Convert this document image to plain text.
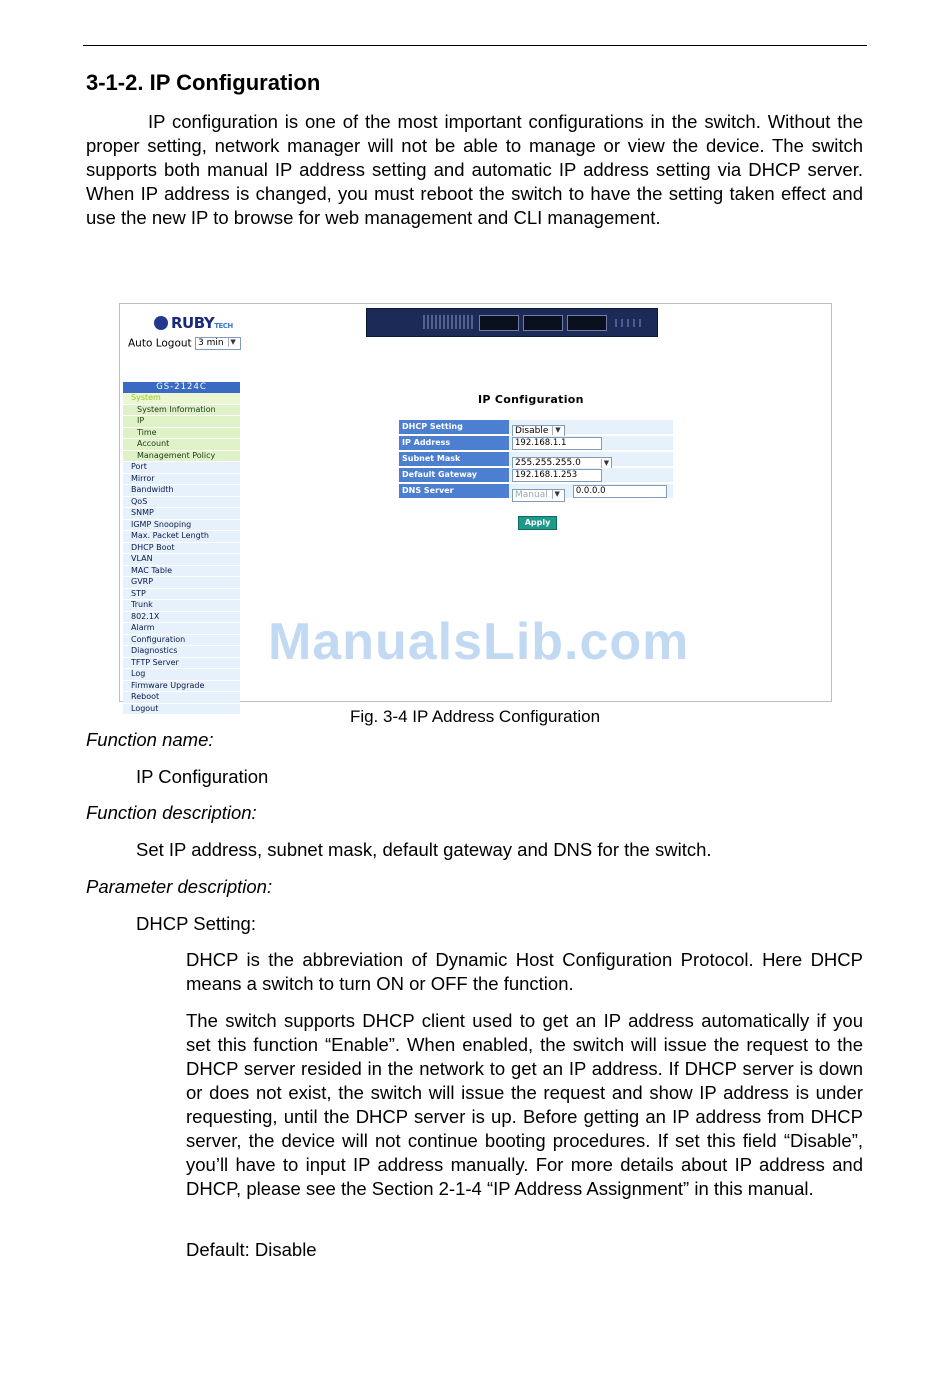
3-1-2. IP Configuration

IP configuration is one of the most important configurations in the switch. Without the proper setting, network manager will not be able to manage or view the device. The switch supports both manual IP address setting and automatic IP address setting via DHCP server. When IP address is changed, you must reboot the switch to have the setting taken effect and use the new IP to browse for web management and CLI management.

RUBYTECH
Auto Logout 3 min ▼
GS-2124C
System
System Information
IP
Time
Account
Management Policy
Port
Mirror
Bandwidth
QoS
SNMP
IGMP Snooping
Max. Packet Length
DHCP Boot
VLAN
MAC Table
GVRP
STP
Trunk
802.1X
Alarm
Configuration
Diagnostics
TFTP Server
Log
Firmware Upgrade
Reboot
Logout
IP Configuration
DHCP Setting	Disable ▼
IP Address	192.168.1.1
Subnet Mask	255.255.255.0	▼
Default Gateway	192.168.1.253
DNS Server	Manual ▼ 0.0.0.0
Apply
ManualsLib.com
Fig. 3-4 IP Address Configuration
Function name:
IP Configuration
Function description:
Set IP address, subnet mask, default gateway and DNS for the switch.
Parameter description:
DHCP Setting:

DHCP is the abbreviation of Dynamic Host Configuration Protocol. Here DHCP means a switch to turn ON or OFF the function.

The switch supports DHCP client used to get an IP address automatically if you set this function “Enable”. When enabled, the switch will issue the request to the DHCP server resided in the network to get an IP address. If DHCP server is down or does not exist, the switch will issue the request and show IP address is under requesting, until the DHCP server is up. Before getting an IP address from DHCP server, the device will not continue booting procedures. If set this field “Disable”, you’ll have to input IP address manually. For more details about IP address and DHCP, please see the Section 2-1-4 “IP Address Assignment” in this manual.

Default: Disable
